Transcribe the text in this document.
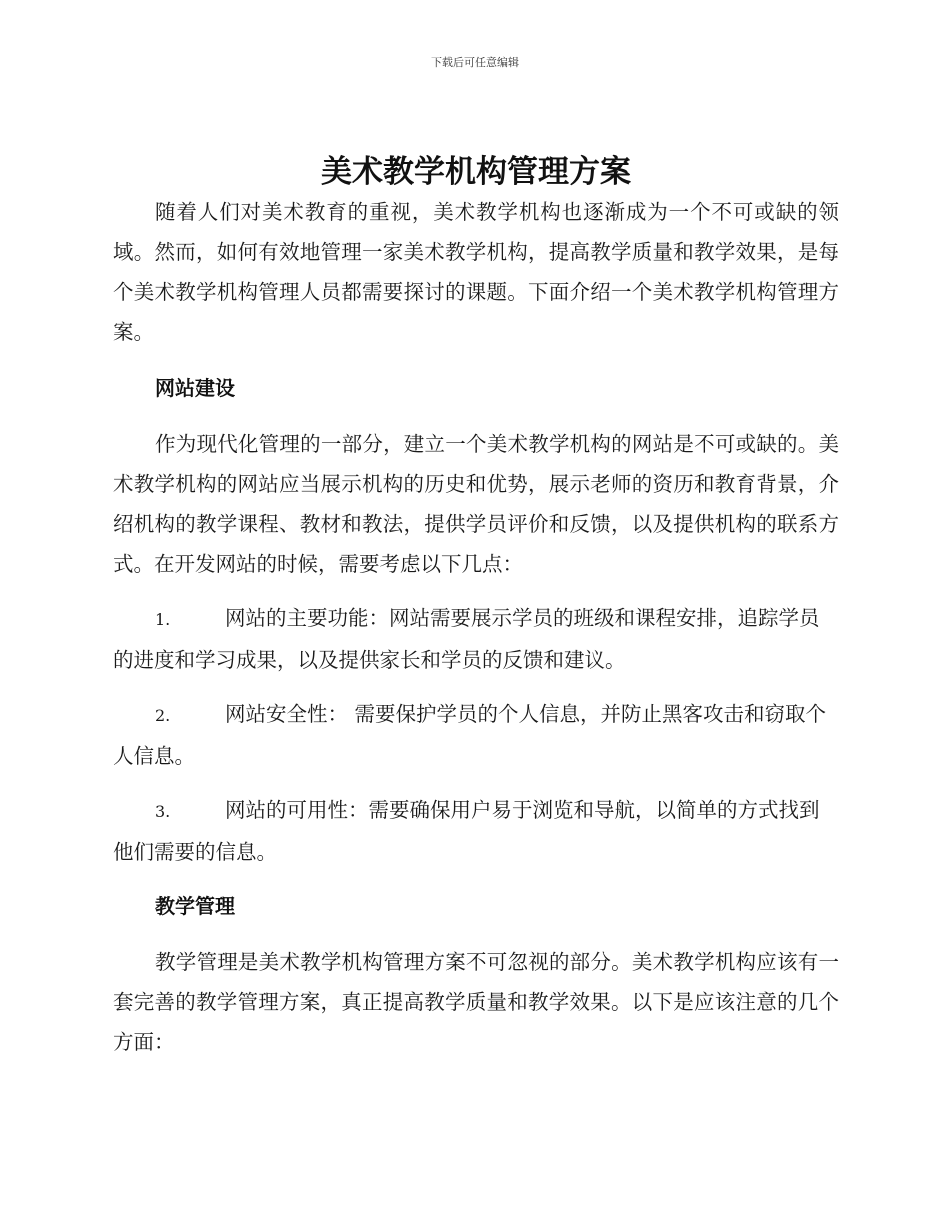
下载后可任意编辑
美术教学机构管理方案

随着人们对美术教育的重视，美术教学机构也逐渐成为一个不可或缺的领域。然而，如何有效地管理一家美术教学机构，提高教学质量和教学效果，是每个美术教学机构管理人员都需要探讨的课题。下面介绍一个美术教学机构管理方案。

网站建设

作为现代化管理的一部分，建立一个美术教学机构的网站是不可或缺的。美术教学机构的网站应当展示机构的历史和优势，展示老师的资历和教育背景，介绍机构的教学课程、教材和教法，提供学员评价和反馈，以及提供机构的联系方式。在开发网站的时候，需要考虑以下几点：

1.	网站的主要功能：网站需要展示学员的班级和课程安排，追踪学员的进度和学习成果，以及提供家长和学员的反馈和建议。

2.	网站安全性： 需要保护学员的个人信息，并防止黑客攻击和窃取个人信息。

3.	网站的可用性：需要确保用户易于浏览和导航，以简单的方式找到他们需要的信息。

教学管理

教学管理是美术教学机构管理方案不可忽视的部分。美术教学机构应该有一套完善的教学管理方案，真正提高教学质量和教学效果。以下是应该注意的几个方面：
